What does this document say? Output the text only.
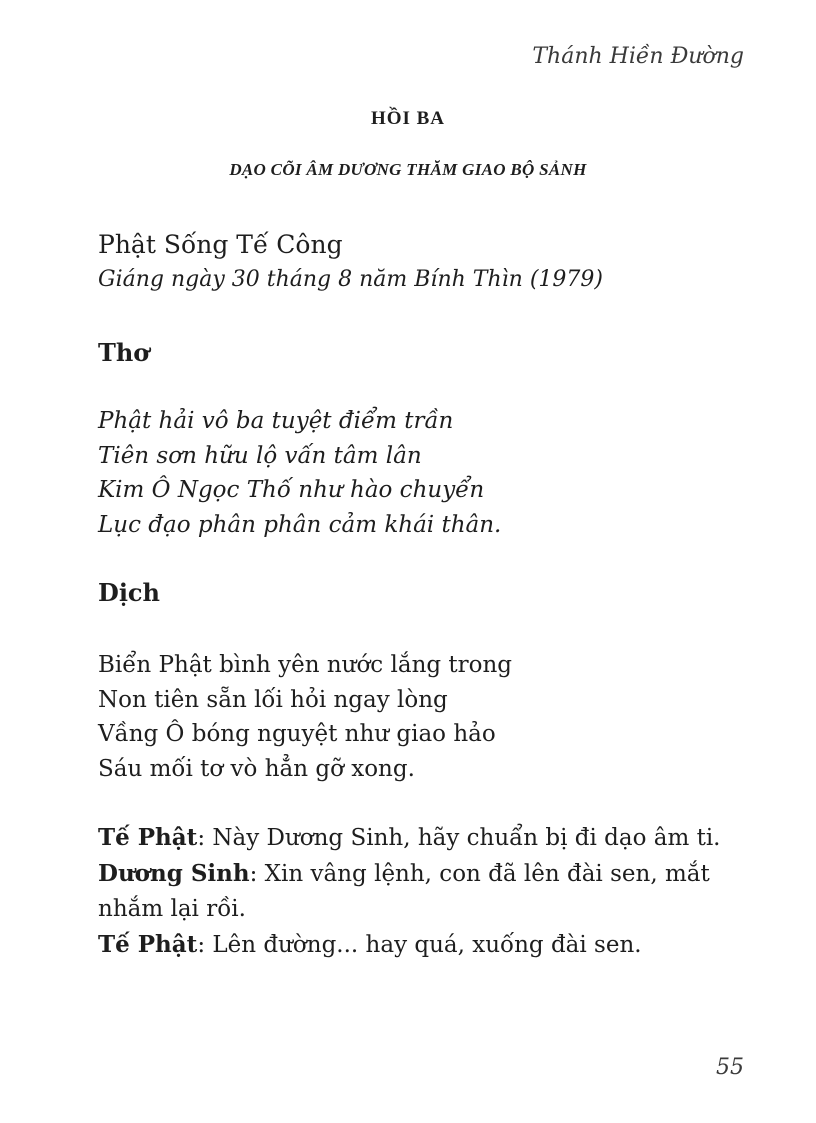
Thánh Hiền Đường
HỒI BA
DẠO CÕI ÂM DƯƠNG THĂM GIAO BỘ SẢNH
Phật Sống Tế Công
Giáng ngày 30 tháng 8 năm Bính Thìn (1979)
Thơ
Phật hải vô ba tuyệt điểm trần
Tiên sơn hữu lộ vấn tâm lân
Kim Ô Ngọc Thố như hào chuyển
Lục đạo phân phân cảm khái thân.
Dịch
Biển Phật bình yên nước lắng trong
Non tiên sẵn lối hỏi ngay lòng
Vầng Ô bóng nguyệt như giao hảo
Sáu mối tơ vò hẳn gỡ xong.

Tế Phật: Này Dương Sinh, hãy chuẩn bị đi dạo âm ti.

Dương Sinh: Xin vâng lệnh, con đã lên đài sen, mắt nhắm lại rồi.

Tế Phật: Lên đường... hay quá, xuống đài sen.

55
